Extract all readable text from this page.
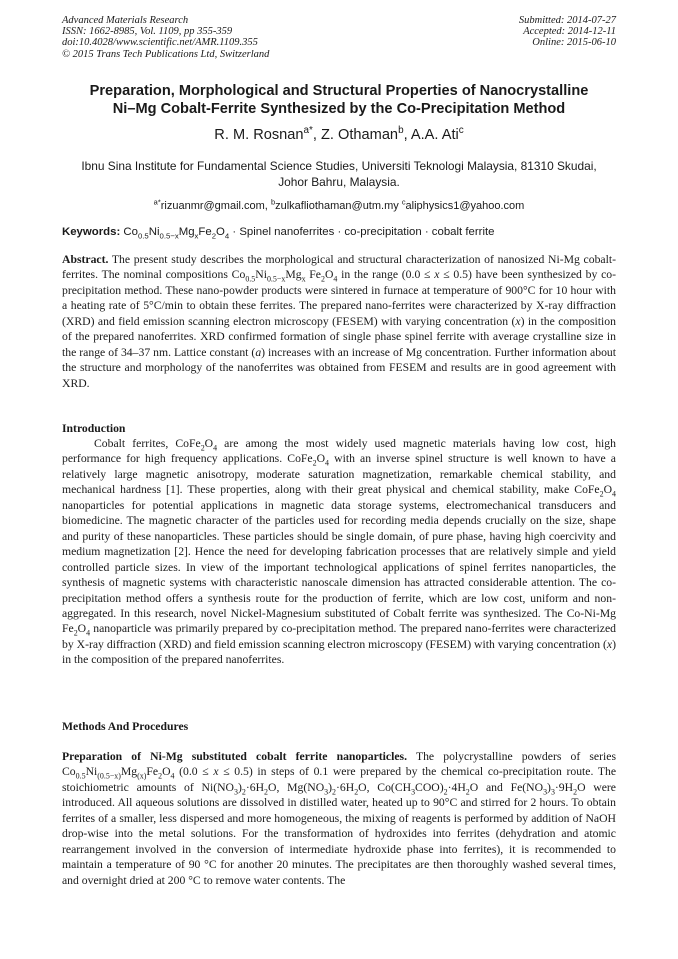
Advanced Materials Research
ISSN: 1662-8985, Vol. 1109, pp 355-359
doi:10.4028/www.scientific.net/AMR.1109.355
© 2015 Trans Tech Publications Ltd, Switzerland
Submitted: 2014-07-27
Accepted: 2014-12-11
Online: 2015-06-10
Preparation, Morphological and Structural Properties of Nanocrystalline
Ni–Mg Cobalt-Ferrite Synthesized by the Co-Precipitation Method
R. M. Rosnan$^{a*}$, Z. Othaman$^b$, A.A. Ati$^c$
Ibnu Sina Institute for Fundamental Science Studies, Universiti Teknologi Malaysia, 81310 Skudai,
Johor Bahru, Malaysia.
$^{a*}$rizuanmr@gmail.com, $^b$zulkafliothaman@utm.my $^c$aliphysics1@yahoo.com
Keywords: $Co_{0.5}Ni_{0.5-x}Mg_xFe_2O_4$ · Spinel nanoferrites · co-precipitation · cobalt ferrite

Abstract. The present study describes the morphological and structural characterization of nanosized Ni-Mg cobalt-ferrites. The nominal compositions $Co_{0.5}Ni_{0.5-x}Mg_x$ $Fe_2O_4$ in the range (0.0 ≤ x ≤ 0.5) have been synthesized by co-precipitation method. These nano-powder products were sintered in furnace at temperature of 900°C for 10 hour with a heating rate of 5°C/min to obtain these ferrites. The prepared nano-ferrites were characterized by X-ray diffraction (XRD) and field emission scanning electron microscopy (FESEM) with varying concentration (x) in the composition of the prepared nanoferrites. XRD confirmed formation of single phase spinel ferrite with average crystalline size in the range of 34–37 nm. Lattice constant (a) increases with an increase of Mg concentration. Further information about the structure and morphology of the nanoferrites was obtained from FESEM and results are in good agreement with XRD.

Introduction

Cobalt ferrites, $CoFe_2O_4$ are among the most widely used magnetic materials having low cost, high performance for high frequency applications. $CoFe_2O_4$ with an inverse spinel structure is well known to have a relatively large magnetic anisotropy, moderate saturation magnetization, remarkable chemical stability, and mechanical hardness [1]. These properties, along with their great physical and chemical stability, make $CoFe_2O_4$ nanoparticles for potential applications in magnetic data storage systems, electromechanical transducers and biomedicine. The magnetic character of the particles used for recording media depends crucially on the size, shape and purity of these nanoparticles. These particles should be single domain, of pure phase, having high coercivity and medium magnetization [2]. Hence the need for developing fabrication processes that are relatively simple and yield controlled particle sizes. In view of the important technological applications of spinel ferrites nanoparticles, the synthesis of magnetic systems with characteristic nanoscale dimension has attracted considerable attention. The co-precipitation method offers a synthesis route for the production of ferrite, which are low cost, uniform and non-aggregated. In this research, novel Nickel-Magnesium substituted of Cobalt ferrite was synthesized. The Co-Ni-Mg $Fe_2O_4$ nanoparticle was primarily prepared by co-precipitation method. The prepared nano-ferrites were characterized by X-ray diffraction (XRD) and field emission scanning electron microscopy (FESEM) with varying concentration (x) in the composition of the prepared nanoferrites.

Methods And Procedures

Preparation of Ni-Mg substituted cobalt ferrite nanoparticles. The polycrystalline powders of series $Co_{0.5}Ni_{(0.5-x)}Mg_{(x)}Fe_2O_4$ (0.0 ≤ x ≤ 0.5) in steps of 0.1 were prepared by the chemical co-precipitation route. The stoichiometric amounts of $Ni(NO_3)_2\cdot 6H_2O$, $Mg(NO_3)_2\cdot 6H_2O$, $Co(CH_3COO)_2\cdot 4H_2O$ and $Fe(NO_3)_3\cdot 9H_2O$ were introduced. All aqueous solutions are dissolved in distilled water, heated up to 90°C and stirred for 2 hours. To obtain ferrites of a smaller, less dispersed and more homogeneous, the mixing of reagents is performed by addition of NaOH drop-wise into the metal solutions. For the transformation of hydroxides into ferrites (dehydration and atomic rearrangement involved in the conversion of intermediate hydroxide phase into ferrites), it is recommended to maintain a temperature of 90 °C for another 20 minutes. The precipitates are then thoroughly washed several times, and overnight dried at 200 °C to remove water contents. The
